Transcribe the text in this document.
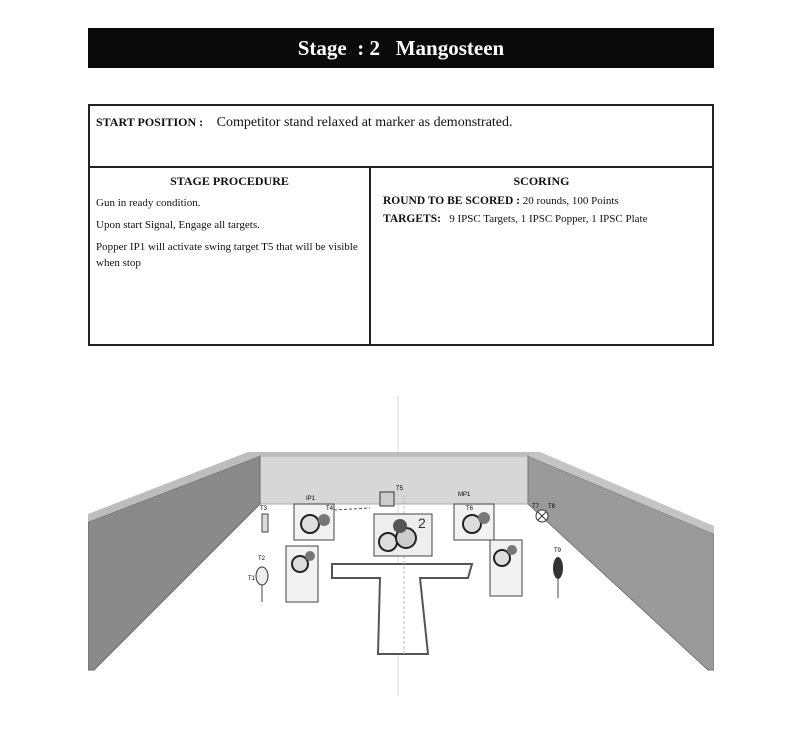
Stage  : 2   Mangosteen
START POSITION : Competitor stand relaxed at marker as demonstrated.
STAGE PROCEDURE

Gun in ready condition.

Upon start Signal, Engage all targets.

Popper IP1 will activate swing target T5 that will be visible when stop

SCORING

ROUND TO BE SCORED : 20 rounds, 100 Points

TARGETS: 9 IPSC Targets, 1 IPSC Popper, 1 IPSC Plate

2
IP1
T4
T5
MP1
T6
T3
T2
T1
T7 T8
T9
